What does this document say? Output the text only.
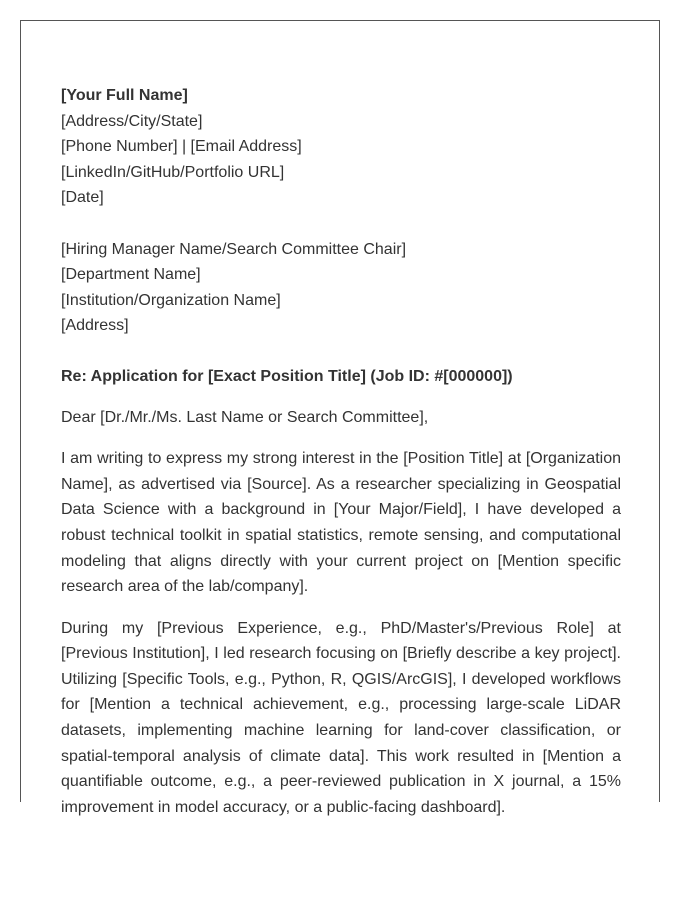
[Your Full Name]
[Address/City/State]
[Phone Number] | [Email Address]
[LinkedIn/GitHub/Portfolio URL]
[Date]
[Hiring Manager Name/Search Committee Chair]
[Department Name]
[Institution/Organization Name]
[Address]
Re: Application for [Exact Position Title] (Job ID: #[000000])
Dear [Dr./Mr./Ms. Last Name or Search Committee],
I am writing to express my strong interest in the [Position Title] at [Organization Name], as advertised via [Source]. As a researcher specializing in Geospatial Data Science with a background in [Your Major/Field], I have developed a robust technical toolkit in spatial statistics, remote sensing, and computational modeling that aligns directly with your current project on [Mention specific research area of the lab/company].
During my [Previous Experience, e.g., PhD/Master's/Previous Role] at [Previous Institution], I led research focusing on [Briefly describe a key project]. Utilizing [Specific Tools, e.g., Python, R, QGIS/ArcGIS], I developed workflows for [Mention a technical achievement, e.g., processing large-scale LiDAR datasets, implementing machine learning for land-cover classification, or spatial-temporal analysis of climate data]. This work resulted in [Mention a quantifiable outcome, e.g., a peer-reviewed publication in X journal, a 15% improvement in model accuracy, or a public-facing dashboard].
